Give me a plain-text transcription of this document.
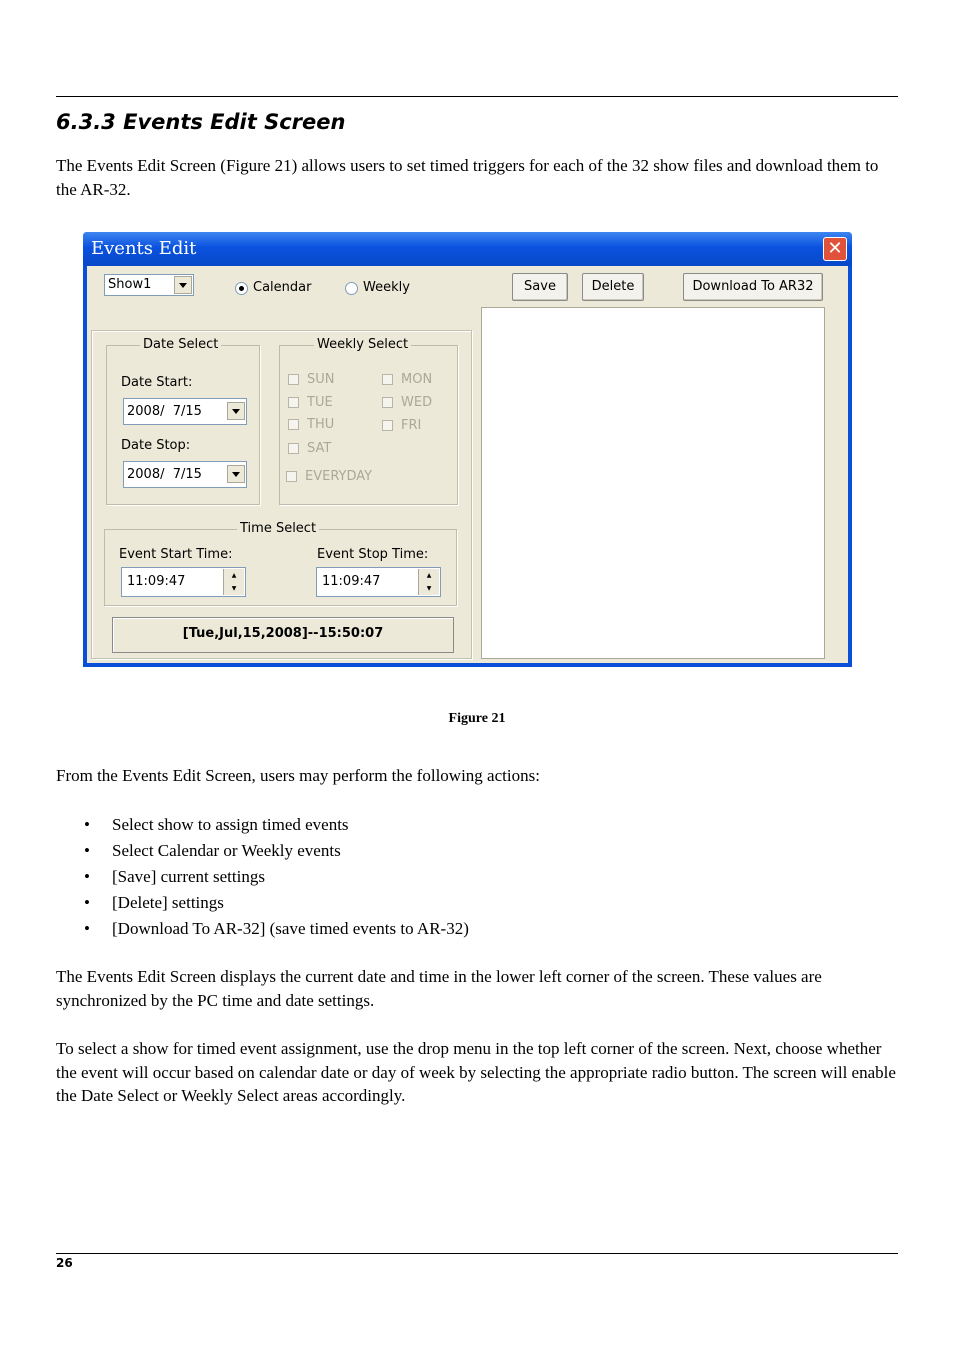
6.3.3 Events Edit Screen
The Events Edit Screen (Figure 21) allows users to set timed triggers for each of the 32 show files and download them to the AR-32.
Events Edit	✕
Show1	Calendar	Weekly	Save	Delete	Download To AR32
Date Select
Date Start:
2008/  7/15
Date Stop:
2008/  7/15
Weekly Select
SUN	MON
TUE	WED
THU	FRI
SAT
EVERYDAY
Time Select
Event Start Time:
11:09:47	▲
▼
Event Stop Time:
11:09:47	▲
▼
[Tue,Jul,15,2008]--15:50:07
Figure 21
From the Events Edit Screen, users may perform the following actions:
• Select show to assign timed events
• Select Calendar or Weekly events
• [Save] current settings
• [Delete] settings
• [Download To AR-32] (save timed events to AR-32)
The Events Edit Screen displays the current date and time in the lower left corner of the screen. These values are synchronized by the PC time and date settings.
To select a show for timed event assignment, use the drop menu in the top left corner of the screen. Next, choose whether the event will occur based on calendar date or day of week by selecting the appropriate radio button. The screen will enable the Date Select or Weekly Select areas accordingly.
26
